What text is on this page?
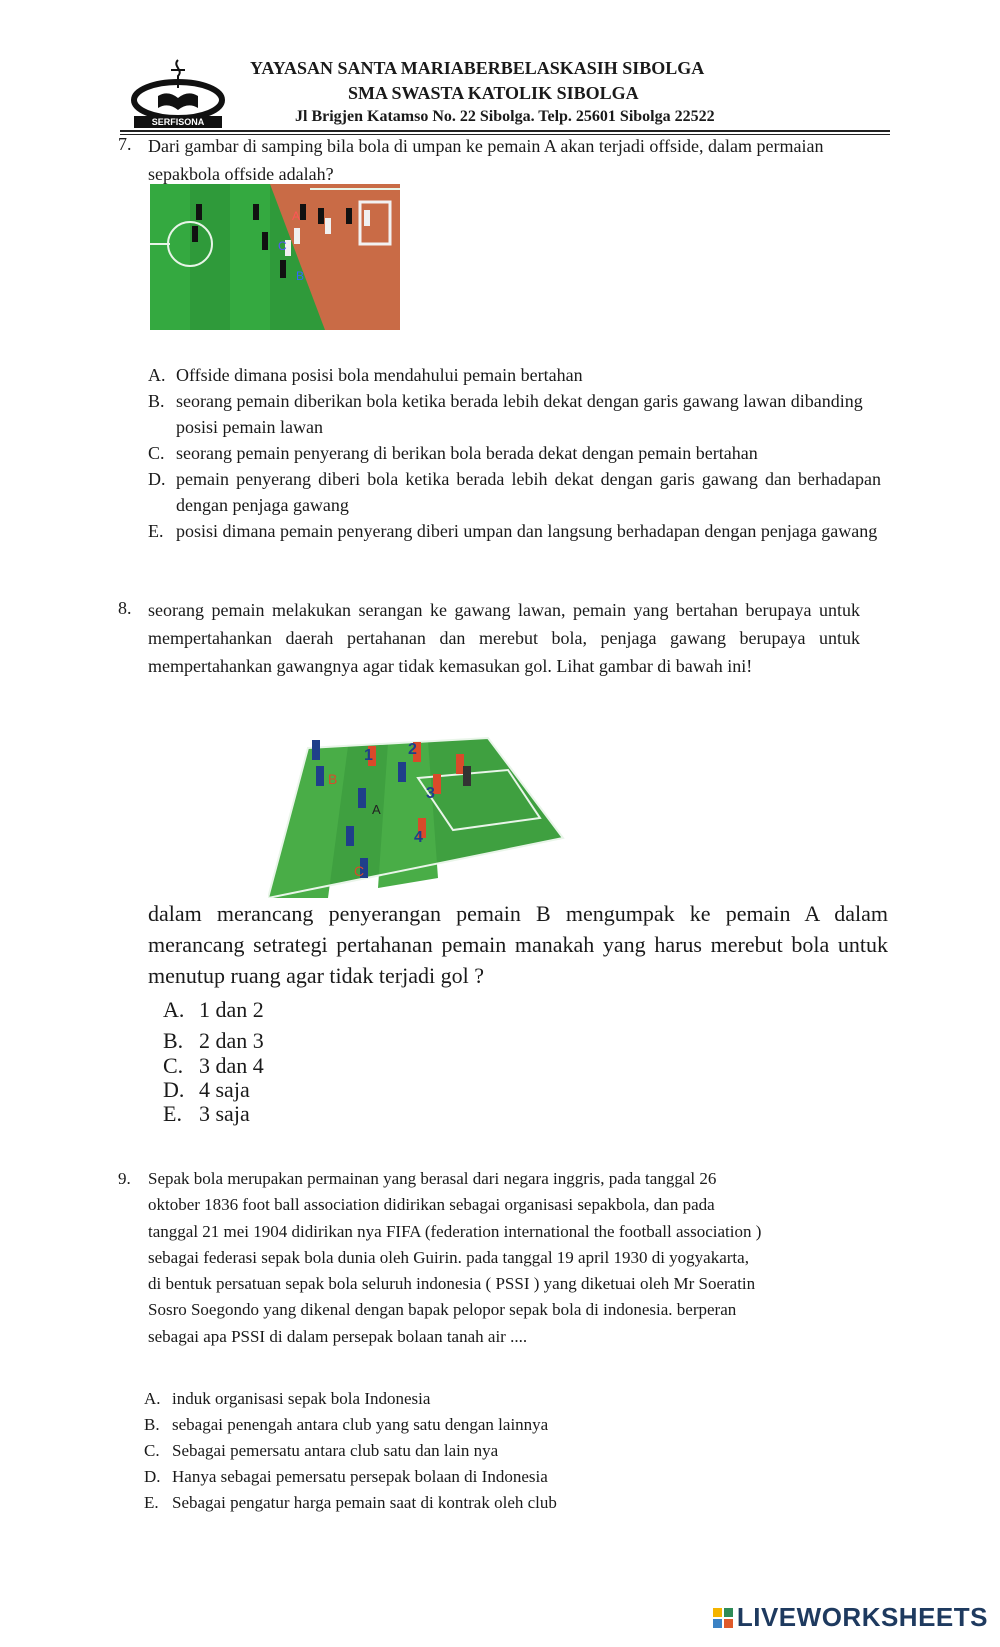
SERFISONA
YAYASAN SANTA MARIABERBELASKASIH SIBOLGA
SMA SWASTA KATOLIK SIBOLGA
Jl Brigjen Katamso No. 22 Sibolga. Telp. 25601 Sibolga 22522
7. Dari gambar di samping bila bola di umpan ke pemain A akan terjadi offside, dalam permaian sepakbola offside adalah?
A
C
B
A. Offside dimana posisi bola mendahului pemain bertahan
B. seorang pemain diberikan bola ketika berada lebih dekat dengan garis gawang lawan dibanding posisi pemain lawan
C. seorang pemain penyerang di berikan bola berada dekat dengan pemain bertahan
D. pemain penyerang diberi bola ketika berada lebih dekat dengan garis gawang dan berhadapan dengan penjaga gawang
E. posisi dimana pemain penyerang diberi umpan dan langsung berhadapan dengan penjaga gawang
8. seorang pemain melakukan serangan ke gawang lawan, pemain yang bertahan berupaya untuk mempertahankan daerah pertahanan dan merebut bola, penjaga gawang berupaya untuk mempertahankan gawangnya agar tidak kemasukan gol. Lihat gambar di bawah ini!
1 2
B
3
A
4
C
dalam merancang penyerangan pemain B mengumpak ke pemain A dalam merancang setrategi pertahanan pemain manakah yang harus merebut bola untuk menutup ruang agar tidak terjadi gol ?
A. 1 dan 2
B. 2 dan 3
C. 3 dan 4
D. 4 saja
E. 3 saja
9. Sepak bola merupakan permainan yang berasal dari negara inggris, pada tanggal 26
oktober 1836 foot ball association didirikan sebagai organisasi sepakbola, dan pada
tanggal 21 mei 1904 didirikan nya FIFA (federation international the football association )
sebagai federasi sepak bola dunia oleh Guirin. pada tanggal 19 april 1930 di yogyakarta,
di bentuk persatuan sepak bola seluruh indonesia ( PSSI ) yang diketuai oleh Mr Soeratin
Sosro Soegondo yang dikenal dengan bapak pelopor sepak bola di indonesia. berperan
sebagai apa PSSI di dalam persepak bolaan tanah air ....
A. induk organisasi sepak bola Indonesia
B. sebagai penengah antara club yang satu dengan lainnya
C. Sebagai pemersatu antara club satu dan lain nya
D. Hanya sebagai pemersatu persepak bolaan di Indonesia
E. Sebagai pengatur harga pemain saat di kontrak oleh club
LIVEWORKSHEETS
